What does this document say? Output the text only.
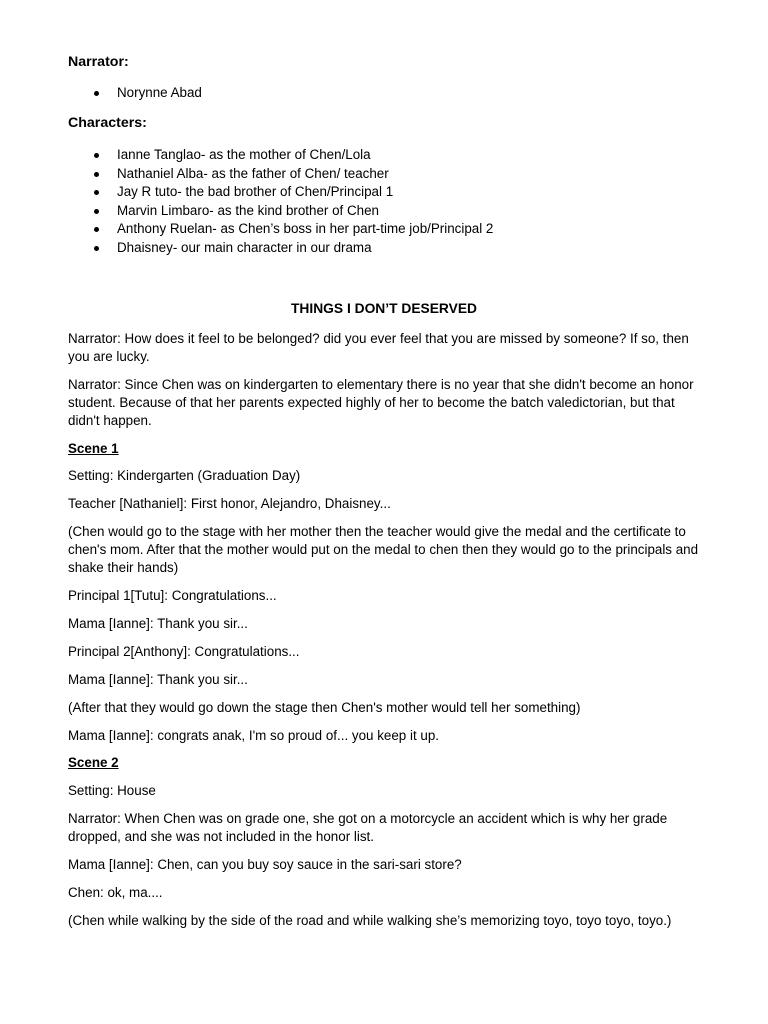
Narrator:
Norynne Abad
Characters:
Ianne Tanglao- as the mother of Chen/Lola
Nathaniel Alba- as the father of Chen/ teacher
Jay R tuto- the bad brother of Chen/Principal 1
Marvin Limbaro- as the kind brother of Chen
Anthony Ruelan- as Chen’s boss in her part-time job/Principal 2
Dhaisney- our main character in our drama
THINGS I DON’T DESERVED

Narrator: How does it feel to be belonged? did you ever feel that you are missed by someone? If so, then you are lucky.

Narrator: Since Chen was on kindergarten to elementary there is no year that she didn't become an honor student. Because of that her parents expected highly of her to become the batch valedictorian, but that didn't happen.

Scene 1

Setting: Kindergarten (Graduation Day)

Teacher [Nathaniel]: First honor, Alejandro, Dhaisney...

(Chen would go to the stage with her mother then the teacher would give the medal and the certificate to chen's mom. After that the mother would put on the medal to chen then they would go to the principals and shake their hands)

Principal 1[Tutu]: Congratulations...

Mama [Ianne]: Thank you sir...

Principal 2[Anthony]: Congratulations...

Mama [Ianne]: Thank you sir...

(After that they would go down the stage then Chen's mother would tell her something)

Mama [Ianne]: congrats anak, I'm so proud of... you keep it up.

Scene 2

Setting: House

Narrator: When Chen was on grade one, she got on a motorcycle an accident which is why her grade dropped, and she was not included in the honor list.

Mama [Ianne]: Chen, can you buy soy sauce in the sari-sari store?

Chen: ok, ma....

(Chen while walking by the side of the road and while walking she’s memorizing toyo, toyo toyo, toyo.)
